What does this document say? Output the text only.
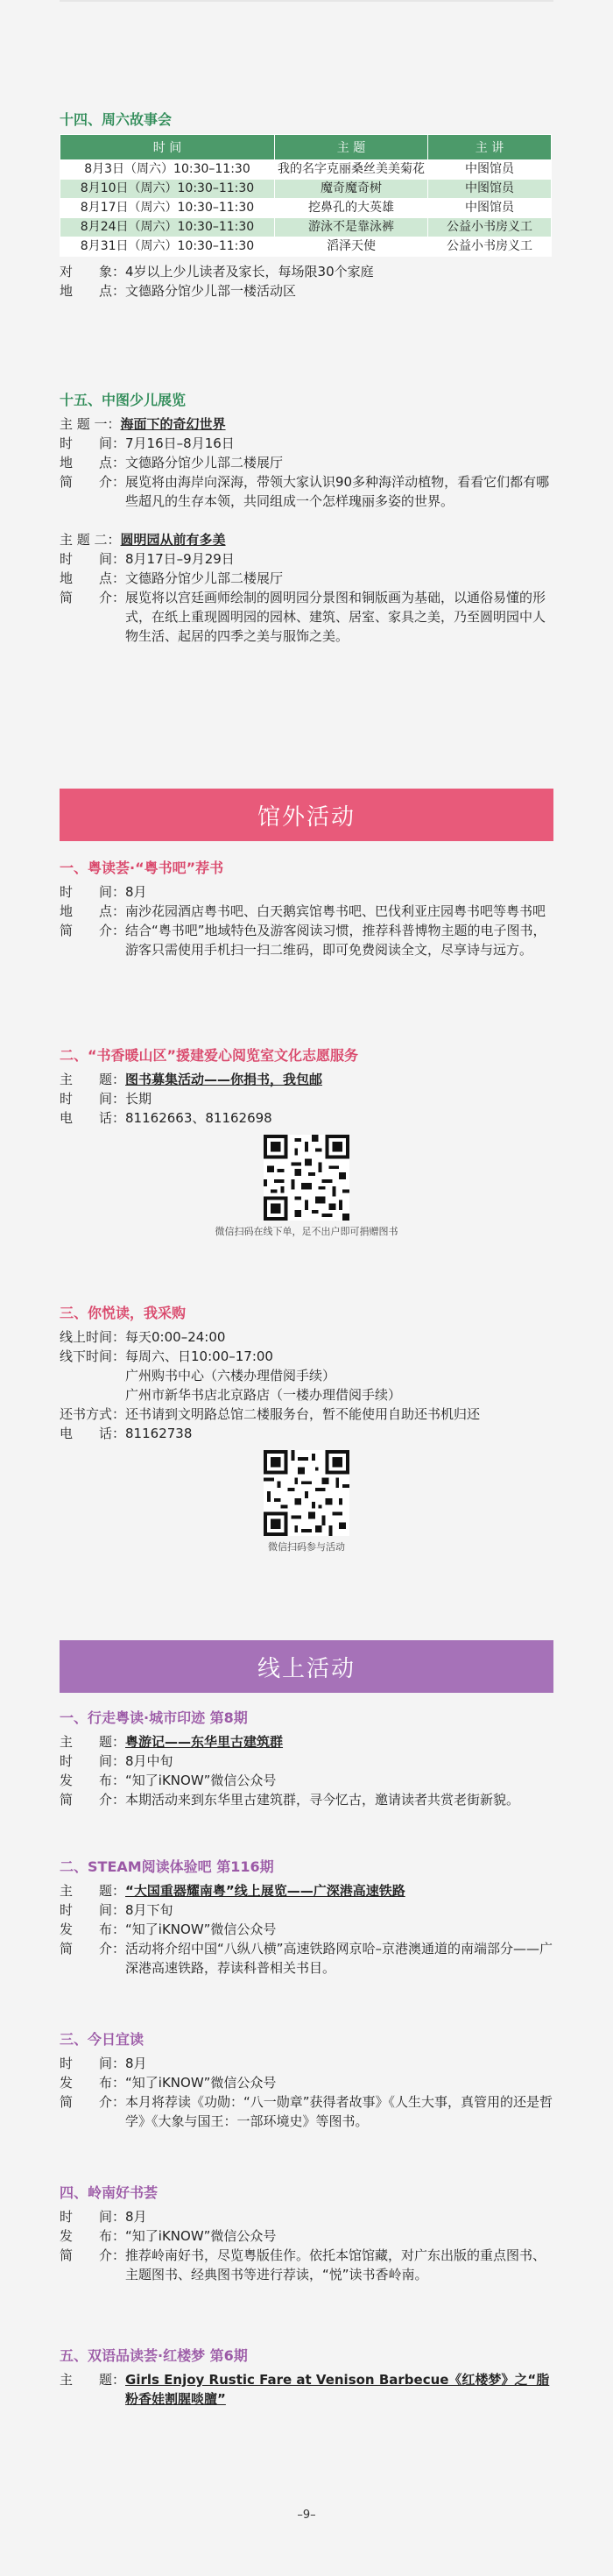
十四、周六故事会
时 间	主 题	主 讲
8月3日（周六）10:30–11:30	我的名字克丽桑丝美美菊花	中图馆员
8月10日（周六）10:30–11:30	魔奇魔奇树	中图馆员
8月17日（周六）10:30–11:30	挖鼻孔的大英雄	中图馆员
8月24日（周六）10:30–11:30	游泳不是靠泳裤	公益小书房义工
8月31日（周六）10:30–11:30	滔泽天使	公益小书房义工
对　　象： 4岁以上少儿读者及家长，每场限30个家庭
地　　点： 文德路分馆少儿部一楼活动区
十五、中图少儿展览
主 题 一： 海面下的奇幻世界
时　　间： 7月16日–8月16日
地　　点： 文德路分馆少儿部二楼展厅
简　　介： 展览将由海岸向深海，带领大家认识90多种海洋动植物，看看它们都有哪些超凡的生存本领，共同组成一个怎样瑰丽多姿的世界。
主 题 二： 圆明园从前有多美
时　　间： 8月17日–9月29日
地　　点： 文德路分馆少儿部二楼展厅
简　　介： 展览将以宫廷画师绘制的圆明园分景图和铜版画为基础，以通俗易懂的形式，在纸上重现圆明园的园林、建筑、居室、家具之美，乃至圆明园中人物生活、起居的四季之美与服饰之美。
馆外活动
一、粤读荟·“粤书吧”荐书
时　　间： 8月
地　　点： 南沙花园酒店粤书吧、白天鹅宾馆粤书吧、巴伐利亚庄园粤书吧等粤书吧
简　　介： 结合“粤书吧”地域特色及游客阅读习惯，推荐科普博物主题的电子图书，游客只需使用手机扫一扫二维码，即可免费阅读全文，尽享诗与远方。
二、“书香暖山区”援建爱心阅览室文化志愿服务
主　　题： 图书募集活动——你捐书，我包邮
时　　间： 长期
电　　话： 81162663、81162698
微信扫码在线下单，足不出户即可捐赠图书
三、你悦读，我采购
线上时间： 每天0:00–24:00
线下时间： 每周六、日10:00–17:00
广州购书中心（六楼办理借阅手续）
广州市新华书店北京路店（一楼办理借阅手续）
还书方式： 还书请到文明路总馆二楼服务台，暂不能使用自助还书机归还
电　　话： 81162738
微信扫码参与活动
线上活动
一、行走粤读·城市印迹 第8期
主　　题： 粤游记——东华里古建筑群
时　　间： 8月中旬
发　　布： “知了iKNOW”微信公众号
简　　介： 本期活动来到东华里古建筑群，寻今忆古，邀请读者共赏老街新貌。
二、STEAM阅读体验吧 第116期
主　　题： “大国重器耀南粤”线上展览——广深港高速铁路
时　　间： 8月下旬
发　　布： “知了iKNOW”微信公众号
简　　介： 活动将介绍中国“八纵八横”高速铁路网京哈–京港澳通道的南端部分——广深港高速铁路，荐读科普相关书目。
三、今日宜读
时　　间： 8月
发　　布： “知了iKNOW”微信公众号
简　　介： 本月将荐读《功勋：“八一勋章”获得者故事》《人生大事，真管用的还是哲学》《大象与国王：一部环境史》等图书。
四、岭南好书荟
时　　间： 8月
发　　布： “知了iKNOW”微信公众号
简　　介： 推荐岭南好书，尽览粤版佳作。依托本馆馆藏，对广东出版的重点图书、主题图书、经典图书等进行荐读，“悦”读书香岭南。
五、双语品读荟·红楼梦 第6期
主　　题： Girls Enjoy Rustic Fare at Venison Barbecue《红楼梦》之“脂粉香娃割腥啖膻”
–9–
